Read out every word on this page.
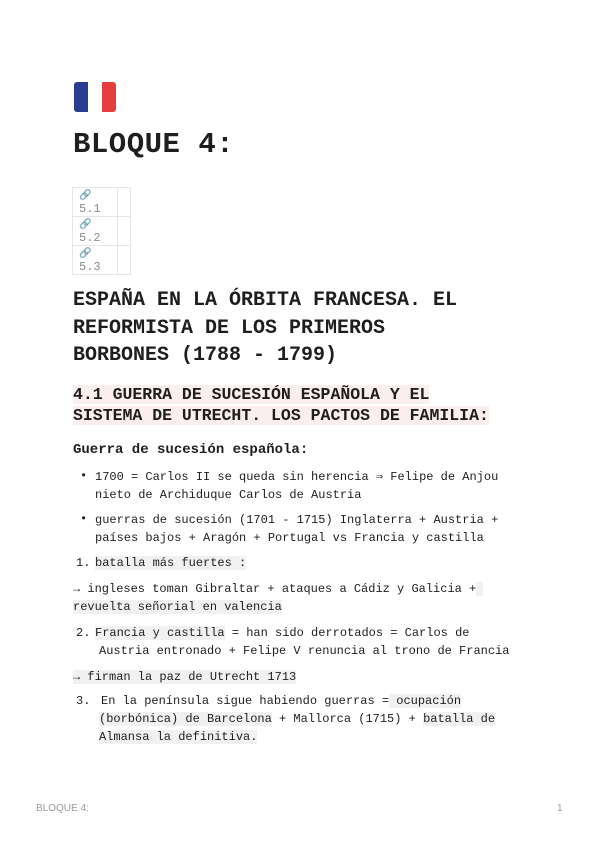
BLOQUE 4:
🔗5.1	
🔗5.2	
🔗5.3	
ESPAÑA EN LA ÓRBITA FRANCESA. EL
REFORMISTA DE LOS PRIMEROS
BORBONES (1788 - 1799)
4.1 GUERRA DE SUCESIÓN ESPAÑOLA Y EL
SISTEMA DE UTRECHT. LOS PACTOS DE FAMILIA:
Guerra de sucesión española:
• 1700 = Carlos II se queda sin herencia ⇒ Felipe de Anjou
nieto de Archiduque Carlos de Austria

• guerras de sucesión (1701 - 1715) Inglaterra + Austria +
países bajos + Aragón + Portugal vs Francia y castilla

1. batalla más fuertes :

→ ingleses toman Gibraltar + ataques a Cádiz y Galicia +
revuelta señorial en valencia

2. Francia y castilla = han sido derrotados = Carlos de
Austria entronado + Felipe V renuncia al trono de Francia

→ firman la paz de Utrecht 1713

3. En la península sigue habiendo guerras = ocupación
(borbónica) de Barcelona + Mallorca (1715) + batalla de
Almansa la definitiva.

BLOQUE 4:	1
